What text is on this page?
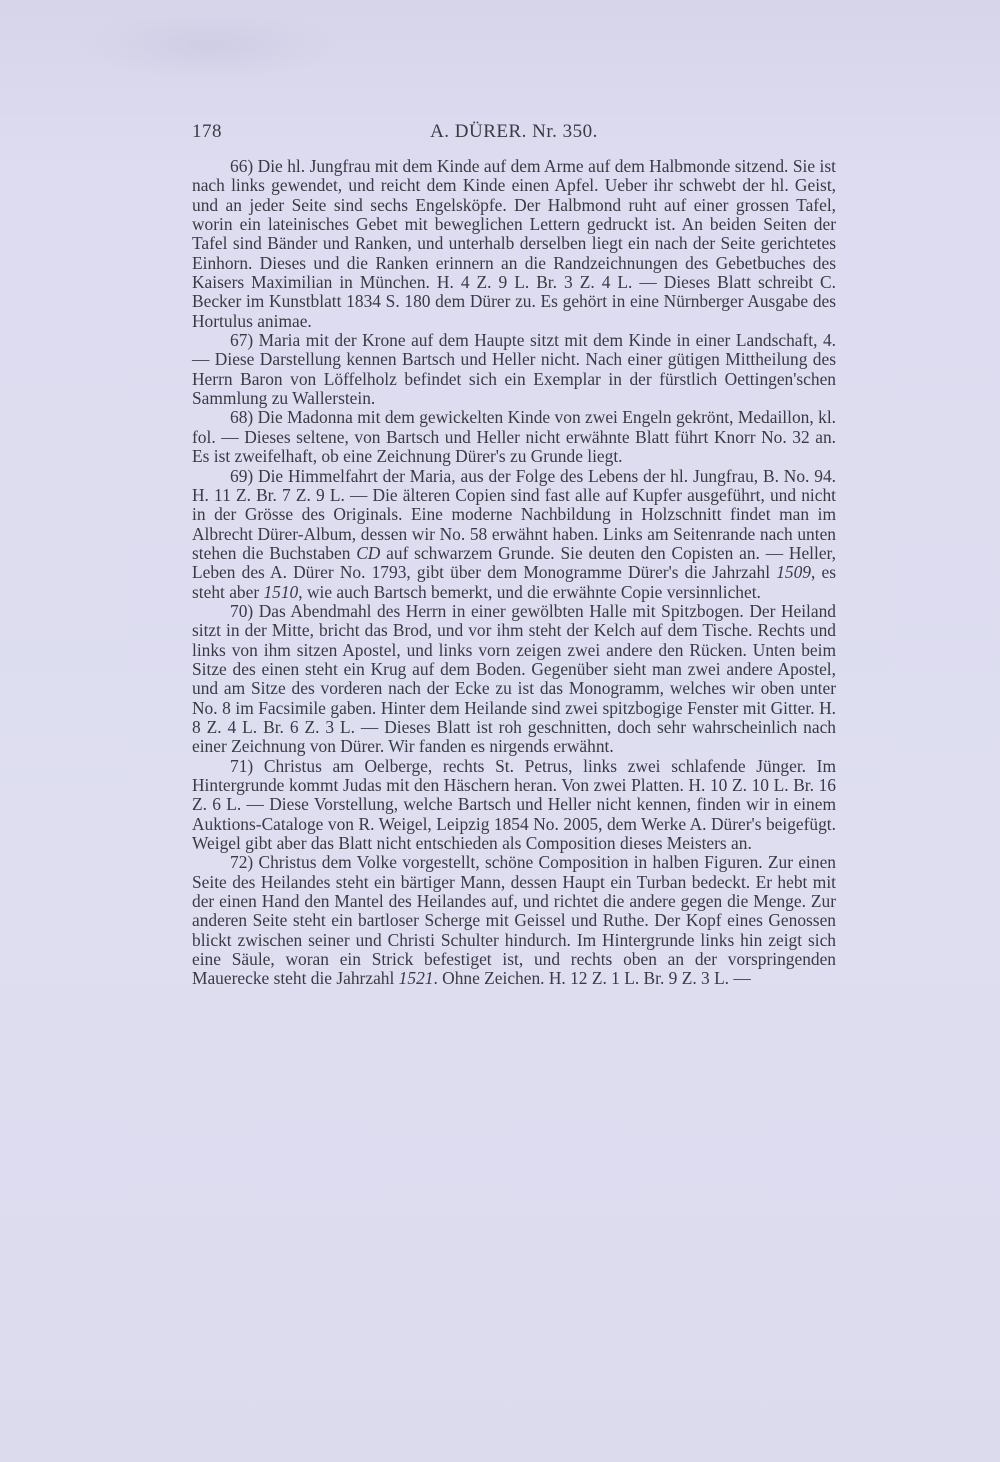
178	A. DÜRER. Nr. 350.

66) Die hl. Jungfrau mit dem Kinde auf dem Arme auf dem Halbmonde sitzend. Sie ist nach links gewendet, und reicht dem Kinde einen Apfel. Ueber ihr schwebt der hl. Geist, und an jeder Seite sind sechs Engelsköpfe. Der Halbmond ruht auf einer grossen Tafel, worin ein lateinisches Gebet mit beweglichen Lettern gedruckt ist. An beiden Seiten der Tafel sind Bänder und Ranken, und unterhalb derselben liegt ein nach der Seite gerichtetes Einhorn. Dieses und die Ranken erinnern an die Randzeichnungen des Gebetbuches des Kaisers Maximilian in München. H. 4 Z. 9 L. Br. 3 Z. 4 L. — Dieses Blatt schreibt C. Becker im Kunstblatt 1834 S. 180 dem Dürer zu. Es gehört in eine Nürnberger Ausgabe des Hortulus animae.

67) Maria mit der Krone auf dem Haupte sitzt mit dem Kinde in einer Landschaft, 4. — Diese Darstellung kennen Bartsch und Heller nicht. Nach einer gütigen Mittheilung des Herrn Baron von Löffelholz befindet sich ein Exemplar in der fürstlich Oettingen'schen Sammlung zu Wallerstein.

68) Die Madonna mit dem gewickelten Kinde von zwei Engeln gekrönt, Medaillon, kl. fol. — Dieses seltene, von Bartsch und Heller nicht erwähnte Blatt führt Knorr No. 32 an. Es ist zweifelhaft, ob eine Zeichnung Dürer's zu Grunde liegt.

69) Die Himmelfahrt der Maria, aus der Folge des Lebens der hl. Jungfrau, B. No. 94. H. 11 Z. Br. 7 Z. 9 L. — Die älteren Copien sind fast alle auf Kupfer ausgeführt, und nicht in der Grösse des Originals. Eine moderne Nachbildung in Holzschnitt findet man im Albrecht Dürer-Album, dessen wir No. 58 erwähnt haben. Links am Seitenrande nach unten stehen die Buchstaben CD auf schwarzem Grunde. Sie deuten den Copisten an. — Heller, Leben des A. Dürer No. 1793, gibt über dem Monogramme Dürer's die Jahrzahl 1509, es steht aber 1510, wie auch Bartsch bemerkt, und die erwähnte Copie versinnlichet.

70) Das Abendmahl des Herrn in einer gewölbten Halle mit Spitzbogen. Der Heiland sitzt in der Mitte, bricht das Brod, und vor ihm steht der Kelch auf dem Tische. Rechts und links von ihm sitzen Apostel, und links vorn zeigen zwei andere den Rücken. Unten beim Sitze des einen steht ein Krug auf dem Boden. Gegenüber sieht man zwei andere Apostel, und am Sitze des vorderen nach der Ecke zu ist das Monogramm, welches wir oben unter No. 8 im Facsimile gaben. Hinter dem Heilande sind zwei spitzbogige Fenster mit Gitter. H. 8 Z. 4 L. Br. 6 Z. 3 L. — Dieses Blatt ist roh geschnitten, doch sehr wahrscheinlich nach einer Zeichnung von Dürer. Wir fanden es nirgends erwähnt.

71) Christus am Oelberge, rechts St. Petrus, links zwei schlafende Jünger. Im Hintergrunde kommt Judas mit den Häschern heran. Von zwei Platten. H. 10 Z. 10 L. Br. 16 Z. 6 L. — Diese Vorstellung, welche Bartsch und Heller nicht kennen, finden wir in einem Auktions-Cataloge von R. Weigel, Leipzig 1854 No. 2005, dem Werke A. Dürer's beigefügt. Weigel gibt aber das Blatt nicht entschieden als Composition dieses Meisters an.

72) Christus dem Volke vorgestellt, schöne Composition in halben Figuren. Zur einen Seite des Heilandes steht ein bärtiger Mann, dessen Haupt ein Turban bedeckt. Er hebt mit der einen Hand den Mantel des Heilandes auf, und richtet die andere gegen die Menge. Zur anderen Seite steht ein bartloser Scherge mit Geissel und Ruthe. Der Kopf eines Genossen blickt zwischen seiner und Christi Schulter hindurch. Im Hintergrunde links hin zeigt sich eine Säule, woran ein Strick befestiget ist, und rechts oben an der vorspringenden Mauerecke steht die Jahrzahl 1521. Ohne Zeichen. H. 12 Z. 1 L. Br. 9 Z. 3 L. —
